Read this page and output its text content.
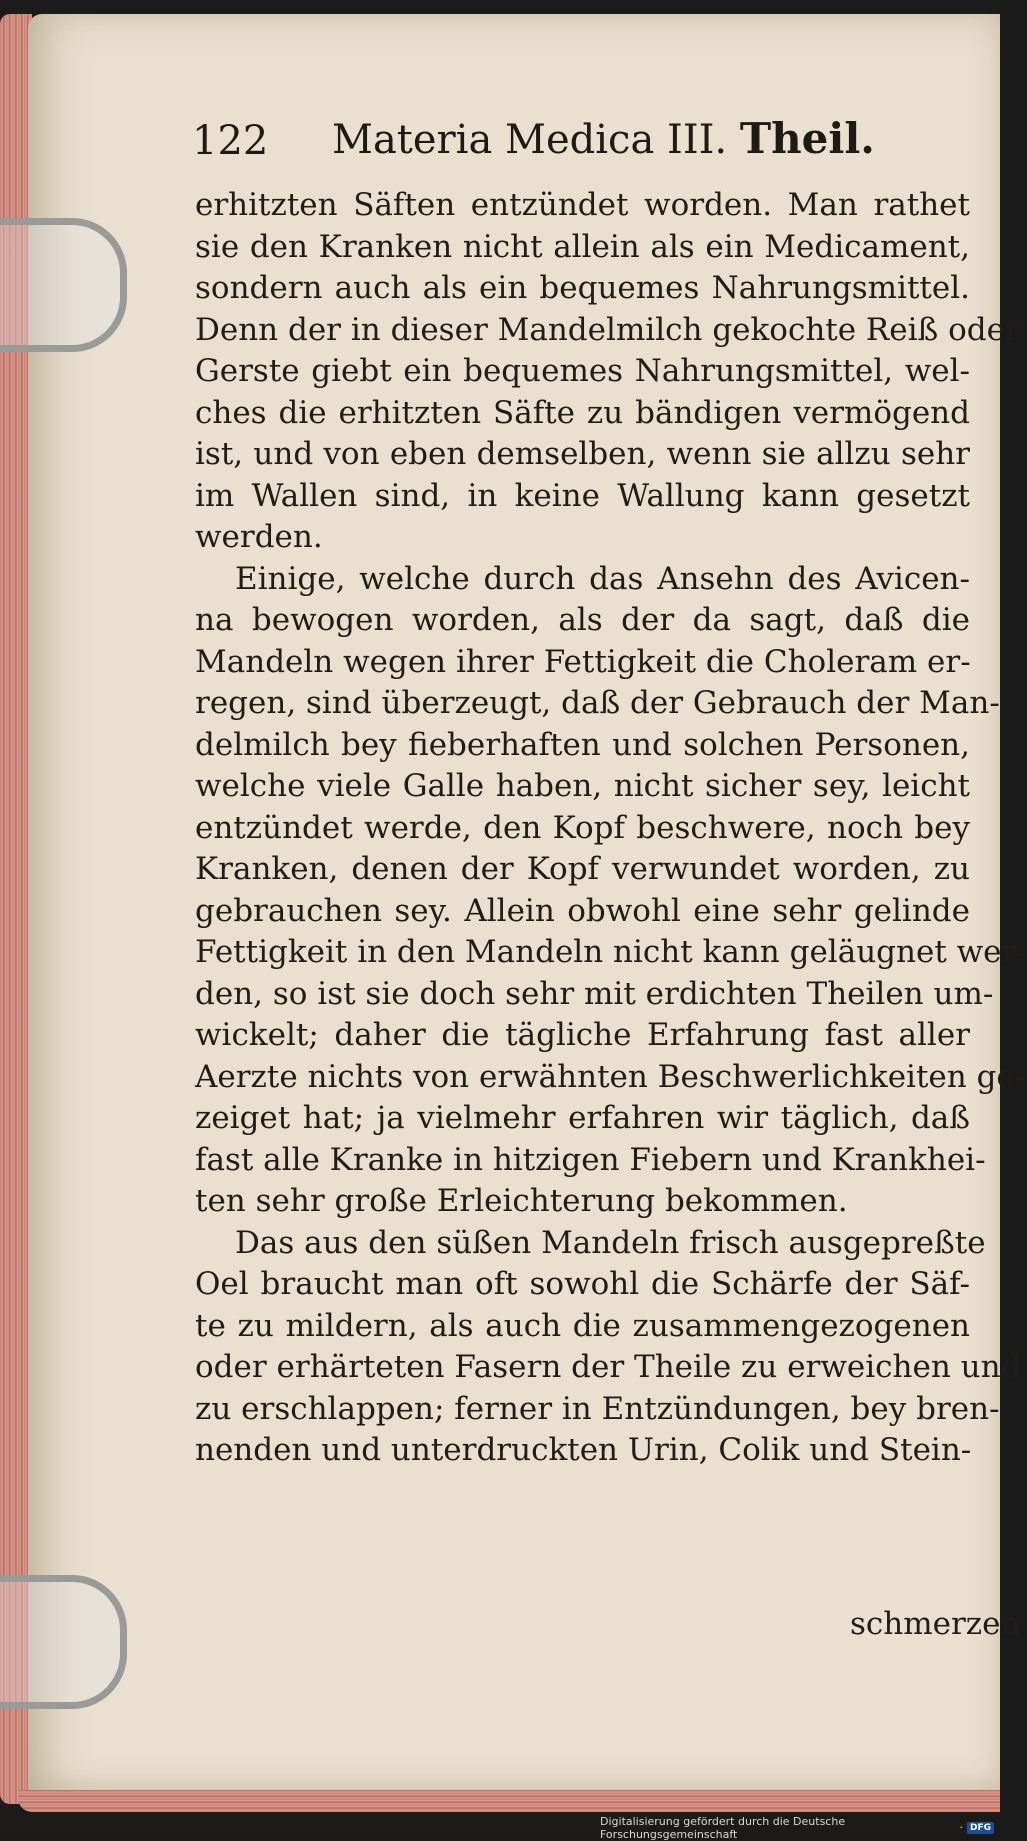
122 Materia Medica III. Theil.
erhitzten Säften entzündet worden. Man rathet
sie den Kranken nicht allein als ein Medicament,
sondern auch als ein bequemes Nahrungsmittel.
Denn der in dieser Mandelmilch gekochte Reiß oder
Gerste giebt ein bequemes Nahrungsmittel, wel-
ches die erhitzten Säfte zu bändigen vermögend
ist, und von eben demselben, wenn sie allzu sehr
im Wallen sind, in keine Wallung kann gesetzt
werden.
Einige, welche durch das Ansehn des Avicen-
na bewogen worden, als der da sagt, daß die
Mandeln wegen ihrer Fettigkeit die Choleram er-
regen, sind überzeugt, daß der Gebrauch der Man-
delmilch bey fieberhaften und solchen Personen,
welche viele Galle haben, nicht sicher sey, leicht
entzündet werde, den Kopf beschwere, noch bey
Kranken, denen der Kopf verwundet worden, zu
gebrauchen sey. Allein obwohl eine sehr gelinde
Fettigkeit in den Mandeln nicht kann geläugnet wer-
den, so ist sie doch sehr mit erdichten Theilen um-
wickelt; daher die tägliche Erfahrung fast aller
Aerzte nichts von erwähnten Beschwerlichkeiten ge-
zeiget hat; ja vielmehr erfahren wir täglich, daß
fast alle Kranke in hitzigen Fiebern und Krankhei-
ten sehr große Erleichterung bekommen.
Das aus den süßen Mandeln frisch ausgepreßte
Oel braucht man oft sowohl die Schärfe der Säf-
te zu mildern, als auch die zusammengezogenen
oder erhärteten Fasern der Theile zu erweichen und
zu erschlappen; ferner in Entzündungen, bey bren-
nenden und unterdruckten Urin, Colik und Stein-
schmerzen
Digitalisierung gefördert durch die Deutsche Forschungsgemeinschaft	· DFG
